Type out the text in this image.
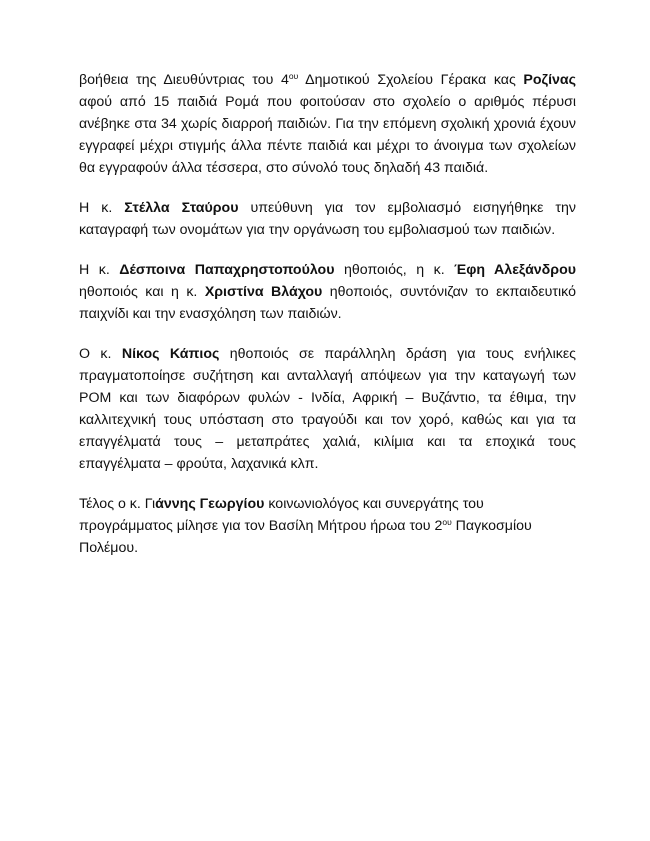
βοήθεια της Διευθύντριας του $4^{o\upsilon}$ Δημοτικού Σχολείου Γέρακα κας Ροζίνας αφού από 15 παιδιά Ρομά που φοιτούσαν στο σχολείο ο αριθμός πέρυσι ανέβηκε στα 34 χωρίς διαρροή παιδιών. Για την επόμενη σχολική χρονιά έχουν εγγραφεί μέχρι στιγμής άλλα πέντε παιδιά και μέχρι το άνοιγμα των σχολείων θα εγγραφούν άλλα τέσσερα, στο σύνολό τους δηλαδή 43 παιδιά.

Η κ. Στέλλα Σταύρου υπεύθυνη για τον εμβολιασμό εισηγήθηκε την καταγραφή των ονομάτων για την οργάνωση του εμβολιασμού των παιδιών.

Η κ. Δέσποινα Παπαχρηστοπούλου ηθοποιός, η κ. Έφη Αλεξάνδρου ηθοποιός και η κ. Χριστίνα Βλάχου ηθοποιός, συντόνιζαν το εκπαιδευτικό παιχνίδι και την ενασχόληση των παιδιών.

Ο κ. Νίκος Κάπιος ηθοποιός σε παράλληλη δράση για τους ενήλικες πραγματοποίησε συζήτηση και ανταλλαγή απόψεων για την καταγωγή των ΡΟΜ και των διαφόρων φυλών - Ινδία, Αφρική – Βυζάντιο, τα έθιμα, την καλλιτεχνική τους υπόσταση στο τραγούδι και τον χορό, καθώς και για τα επαγγέλματά τους – μεταπράτες χαλιά, κιλίμια και τα εποχικά τους επαγγέλματα – φρούτα, λαχανικά κλπ.

Τέλος ο κ. Γιάννης Γεωργίου κοινωνιολόγος και συνεργάτης του προγράμματος μίλησε για τον Βασίλη Μήτρου ήρωα του $2^{o\upsilon}$ Παγκοσμίου Πολέμου.
